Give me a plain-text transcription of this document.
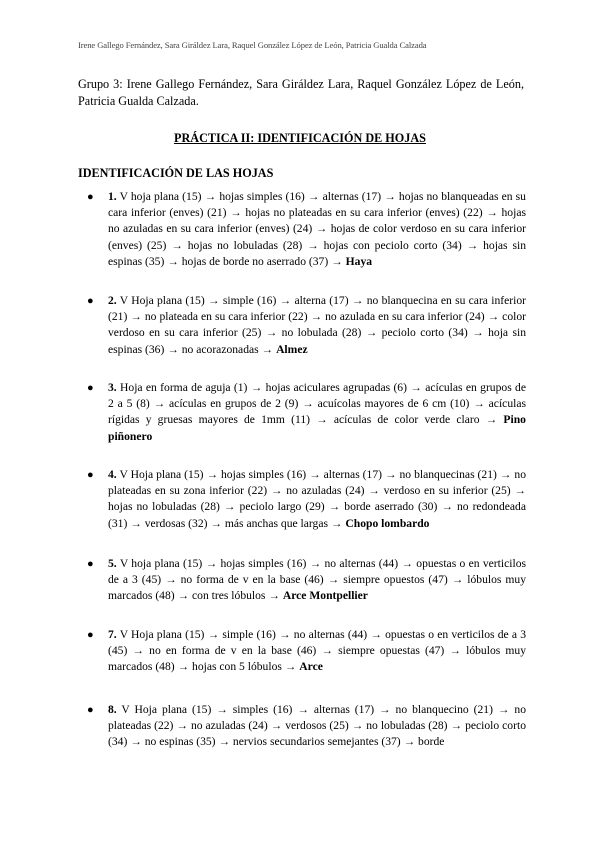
Irene Gallego Fernández, Sara Giráldez Lara, Raquel González López de León, Patricia Gualda Calzada
Grupo 3: Irene Gallego Fernández, Sara Giráldez Lara, Raquel González López de León, Patricia Gualda Calzada.
PRÁCTICA II: IDENTIFICACIÓN DE HOJAS
IDENTIFICACIÓN DE LAS HOJAS
● 1. V hoja plana (15) → hojas simples (16) → alternas (17) → hojas no blanqueadas en su cara inferior (enves) (21) → hojas no plateadas en su cara inferior (enves) (22) → hojas no azuladas en su cara inferior (enves) (24) → hojas de color verdoso en su cara inferior (enves) (25) → hojas no lobuladas (28) → hojas con peciolo corto (34) → hojas sin espinas (35) → hojas de borde no aserrado (37) → Haya
● 2. V Hoja plana (15) → simple (16) → alterna (17) → no blanquecina en su cara inferior (21) → no plateada en su cara inferior (22) → no azulada en su cara inferior (24) → color verdoso en su cara inferior (25) → no lobulada (28) → peciolo corto (34) → hoja sin espinas (36) → no acorazonadas → Almez
● 3. Hoja en forma de aguja (1) → hojas aciculares agrupadas (6) → acículas en grupos de 2 a 5 (8) → acículas en grupos de 2 (9) → acuícolas mayores de 6 cm (10) → acículas rígidas y gruesas mayores de 1mm (11) → acículas de color verde claro → Pino piñonero
● 4. V Hoja plana (15) → hojas simples (16) → alternas (17) → no blanquecinas (21) → no plateadas en su zona inferior (22) → no azuladas (24) → verdoso en su inferior (25) → hojas no lobuladas (28) → peciolo largo (29) → borde aserrado (30) → no redondeada (31) → verdosas (32) → más anchas que largas → Chopo lombardo
● 5. V hoja plana (15) → hojas simples (16) → no alternas (44) → opuestas o en verticilos de a 3 (45) → no forma de v en la base (46) → siempre opuestos (47) → lóbulos muy marcados (48) → con tres lóbulos → Arce Montpellier
● 7. V Hoja plana (15) → simple (16) → no alternas (44) → opuestas o en verticilos de a 3 (45) → no en forma de v en la base (46) → siempre opuestas (47) → lóbulos muy marcados (48) → hojas con 5 lóbulos → Arce
● 8. V Hoja plana (15) → simples (16) → alternas (17) → no blanquecino (21) → no plateadas (22) → no azuladas (24) → verdosos (25) → no lobuladas (28) → peciolo corto (34) → no espinas (35) → nervios secundarios semejantes (37) → borde
